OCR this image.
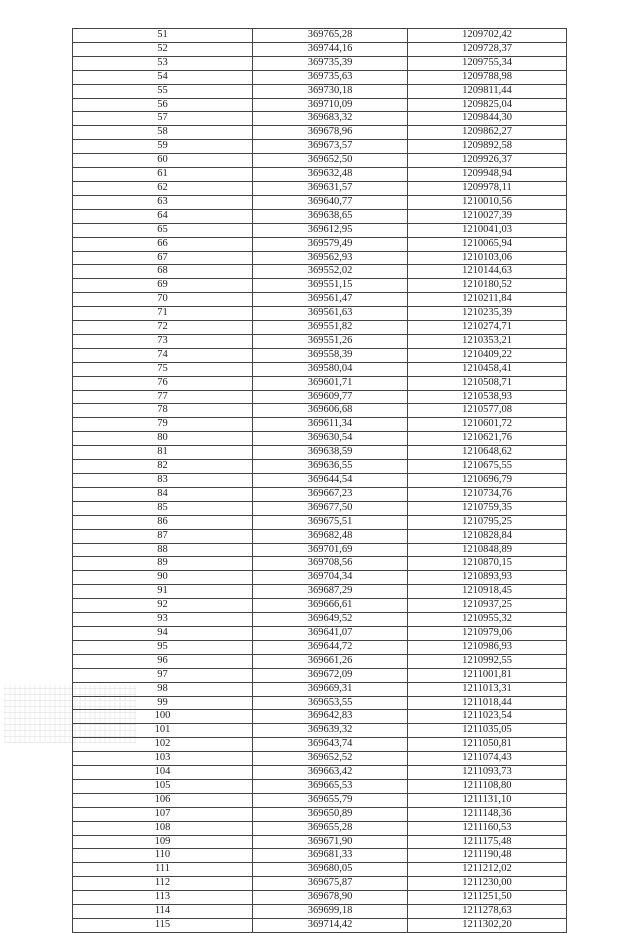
51	369765,28	1209702,42
52	369744,16	1209728,37
53	369735,39	1209755,34
54	369735,63	1209788,98
55	369730,18	1209811,44
56	369710,09	1209825,04
57	369683,32	1209844,30
58	369678,96	1209862,27
59	369673,57	1209892,58
60	369652,50	1209926,37
61	369632,48	1209948,94
62	369631,57	1209978,11
63	369640,77	1210010,56
64	369638,65	1210027,39
65	369612,95	1210041,03
66	369579,49	1210065,94
67	369562,93	1210103,06
68	369552,02	1210144,63
69	369551,15	1210180,52
70	369561,47	1210211,84
71	369561,63	1210235,39
72	369551,82	1210274,71
73	369551,26	1210353,21
74	369558,39	1210409,22
75	369580,04	1210458,41
76	369601,71	1210508,71
77	369609,77	1210538,93
78	369606,68	1210577,08
79	369611,34	1210601,72
80	369630,54	1210621,76
81	369638,59	1210648,62
82	369636,55	1210675,55
83	369644,54	1210696,79
84	369667,23	1210734,76
85	369677,50	1210759,35
86	369675,51	1210795,25
87	369682,48	1210828,84
88	369701,69	1210848,89
89	369708,56	1210870,15
90	369704,34	1210893,93
91	369687,29	1210918,45
92	369666,61	1210937,25
93	369649,52	1210955,32
94	369641,07	1210979,06
95	369644,72	1210986,93
96	369661,26	1210992,55
97	369672,09	1211001,81
98	369669,31	1211013,31
99	369653,55	1211018,44
100	369642,83	1211023,54
101	369639,32	1211035,05
102	369643,74	1211050,81
103	369652,52	1211074,43
104	369663,42	1211093,73
105	369665,53	1211108,80
106	369655,79	1211131,10
107	369650,89	1211148,36
108	369655,28	1211160,53
109	369671,90	1211175,48
110	369681,33	1211190,48
111	369680,05	1211212,02
112	369675,87	1211230,00
113	369678,90	1211251,50
114	369699,18	1211278,63
115	369714,42	1211302,20
